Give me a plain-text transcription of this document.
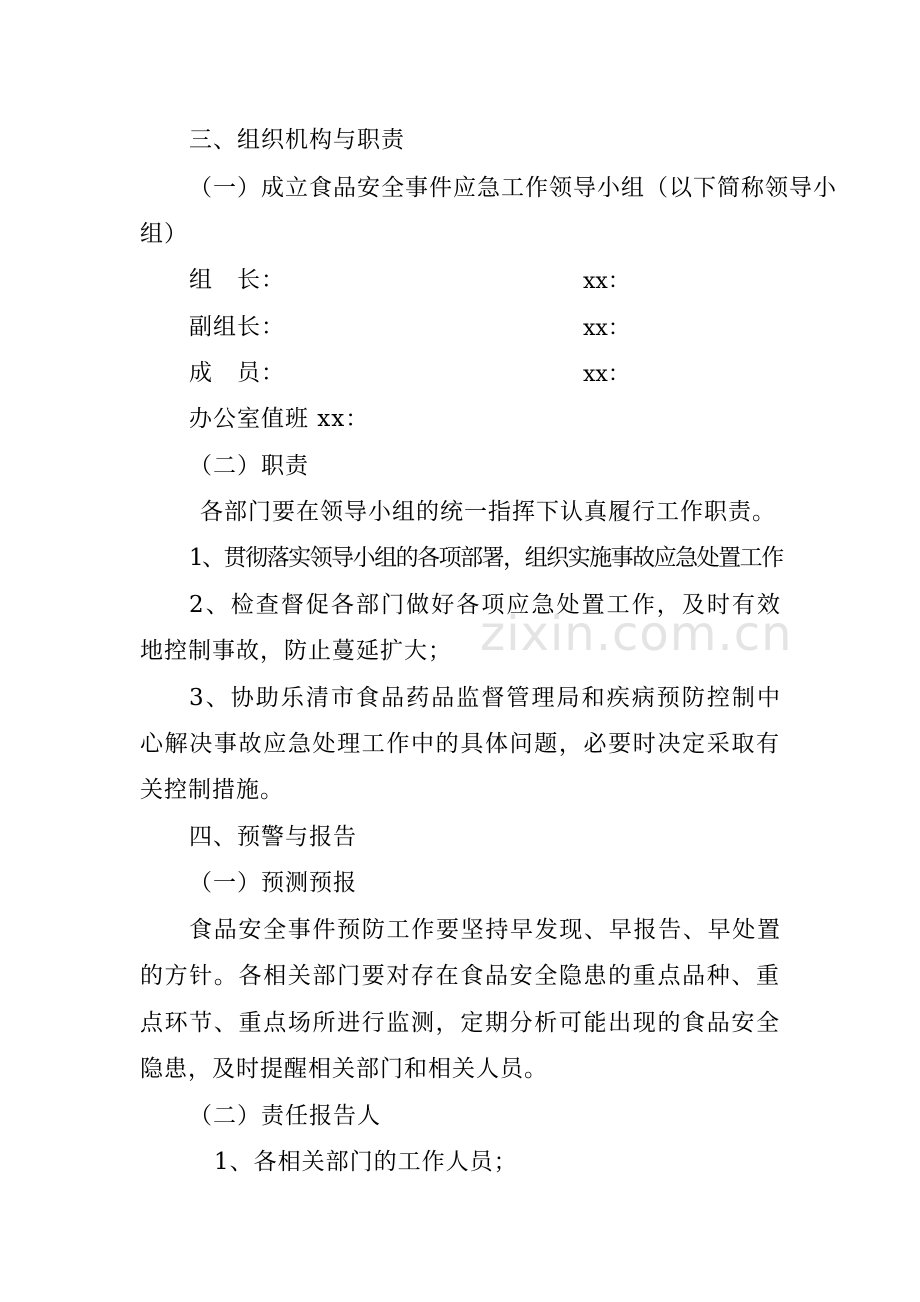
三、组织机构与职责
（一）成立食品安全事件应急工作领导小组（以下简称领导小
组）
组　长：	xx：
副组长：	xx：
成　员：	xx：
办公室值班 xx：
（二）职责
各部门要在领导小组的统一指挥下认真履行工作职责。
1、贯彻落实领导小组的各项部署，组织实施事故应急处置工作
2、检查督促各部门做好各项应急处置工作，及时有效
地控制事故，防止蔓延扩大；
3、协助乐清市食品药品监督管理局和疾病预防控制中
心解决事故应急处理工作中的具体问题，必要时决定采取有
关控制措施。
四、预警与报告
（一）预测预报
食品安全事件预防工作要坚持早发现、早报告、早处置
的方针。各相关部门要对存在食品安全隐患的重点品种、重
点环节、重点场所进行监测，定期分析可能出现的食品安全
隐患，及时提醒相关部门和相关人员。
（二）责任报告人
1、各相关部门的工作人员；
zixin.com.cn
